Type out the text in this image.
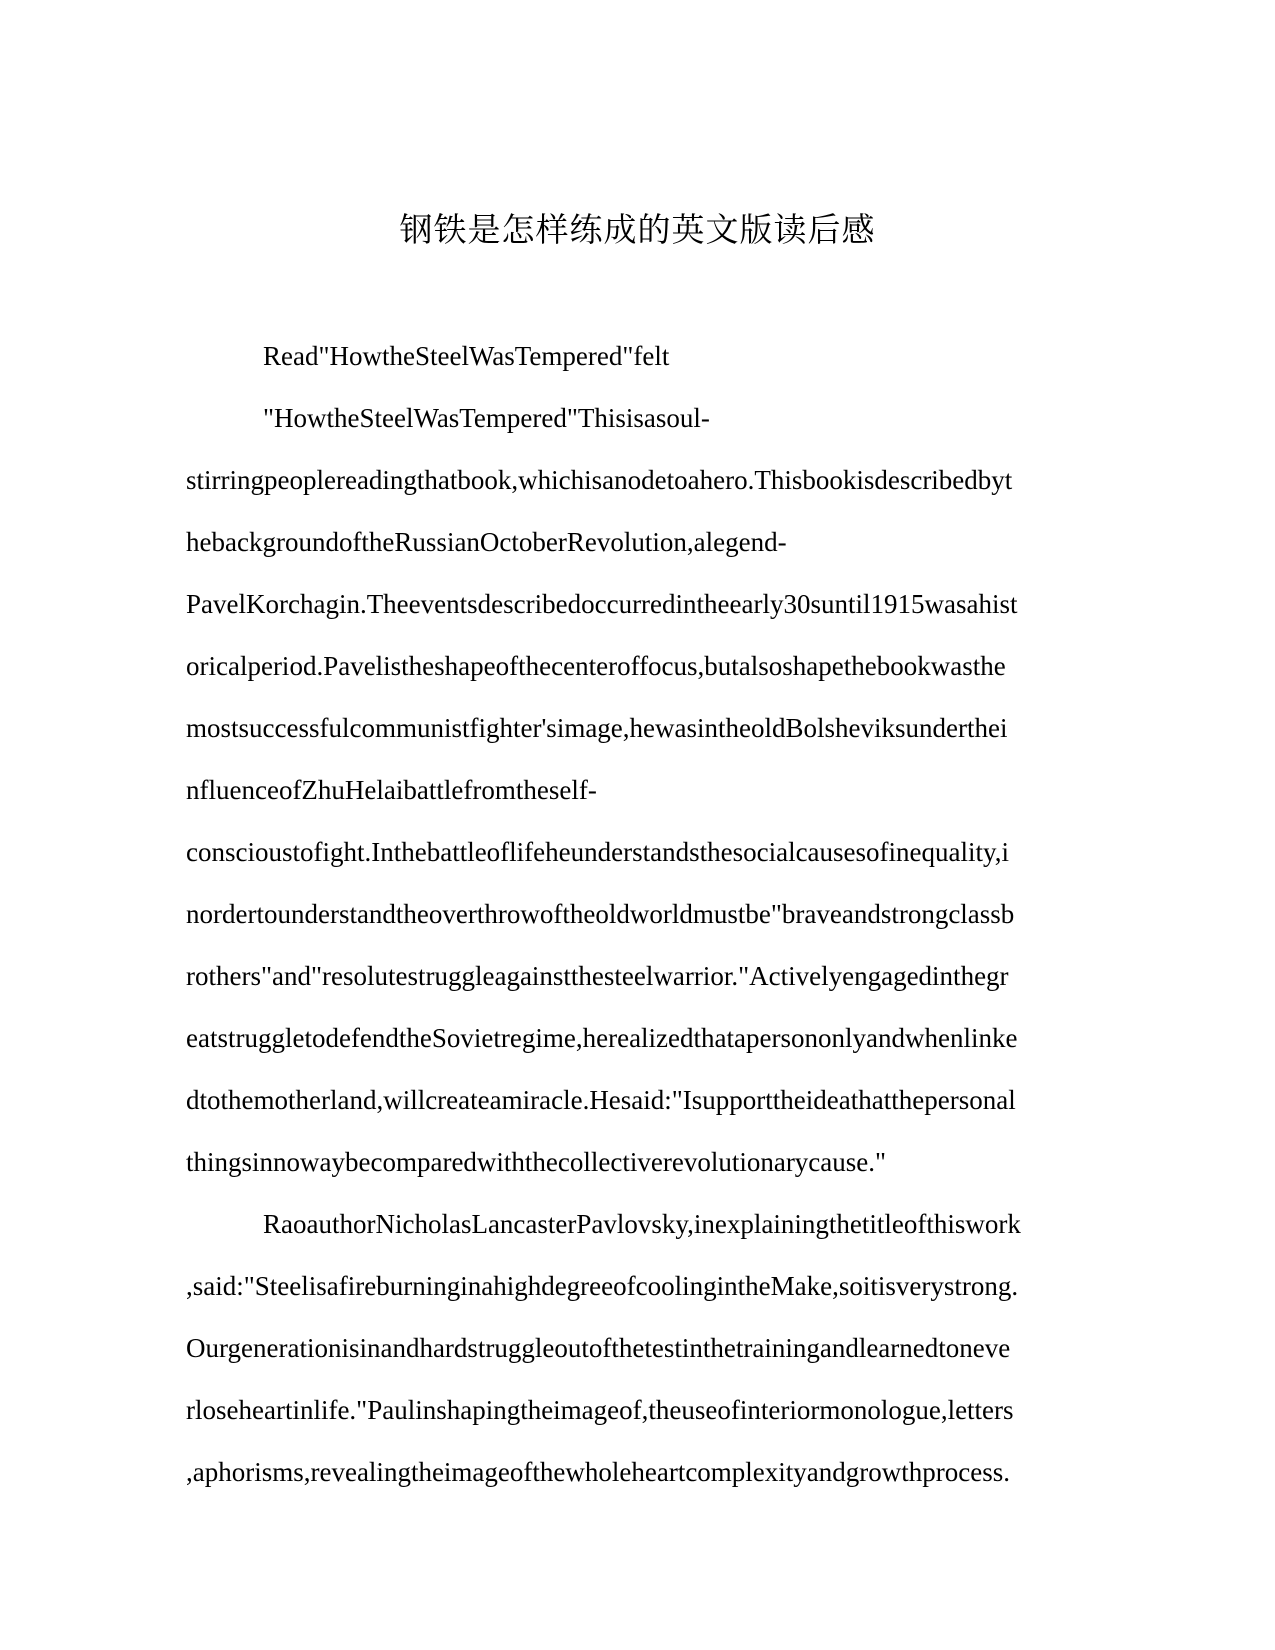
钢铁是怎样练成的英文版读后感
Read"HowtheSteelWasTempered"felt
"HowtheSteelWasTempered"Thisisasoul-
stirringpeoplereadingthatbook,whichisanodetoahero.Thisbookisdescribedbyt
hebackgroundoftheRussianOctoberRevolution,alegend-
PavelKorchagin.Theeventsdescribedoccurredintheearly30suntil1915wasahist
oricalperiod.Pavelistheshapeofthecenteroffocus,butalsoshapethebookwasthe
mostsuccessfulcommunistfighter'simage,hewasintheoldBolsheviksunderthei
nfluenceofZhuHelaibattlefromtheself-
conscioustofight.Inthebattleoflifeheunderstandsthesocialcausesofinequality,i
nordertounderstandtheoverthrowoftheoldworldmustbe"braveandstrongclassb
rothers"and"resolutestruggleagainstthesteelwarrior."Activelyengagedinthegr
eatstruggletodefendtheSovietregime,herealizedthatapersononlyandwhenlinke
dtothemotherland,willcreateamiracle.Hesaid:"Isupporttheideathatthepersonal
thingsinnowaybecomparedwiththecollectiverevolutionarycause."
RaoauthorNicholasLancasterPavlovsky,inexplainingthetitleofthiswork
,said:"SteelisafireburninginahighdegreeofcoolingintheMake,soitisverystrong.
Ourgenerationisinandhardstruggleoutofthetestinthetrainingandlearnedtoneve
rloseheartinlife."Paulinshapingtheimageof,theuseofinteriormonologue,letters
,aphorisms,revealingtheimageofthewholeheartcomplexityandgrowthprocess.
